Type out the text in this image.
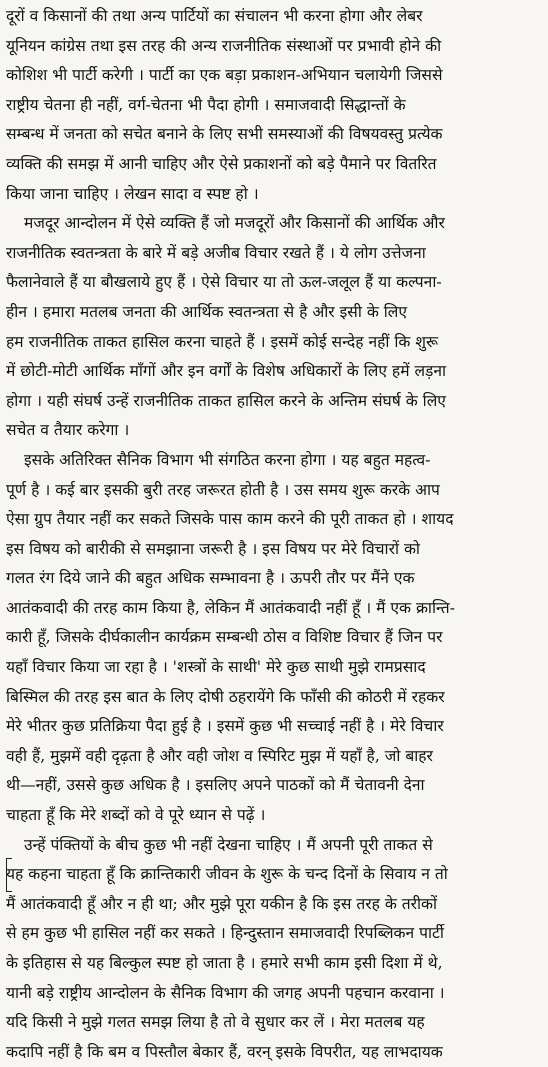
दूरों व किसानों की तथा अन्य पार्टियों का संचालन भी करना होगा और लेबर
यूनियन कांग्रेस तथा इस तरह की अन्य राजनीतिक संस्थाओं पर प्रभावी होने की
कोशिश भी पार्टी करेगी । पार्टी का एक बड़ा प्रकाशन-अभियान चलायेगी जिससे
राष्ट्रीय चेतना ही नहीं, वर्ग-चेतना भी पैदा होगी । समाजवादी सिद्धान्तों के
सम्बन्ध में जनता को सचेत बनाने के लिए सभी समस्याओं की विषयवस्तु प्रत्येक
व्यक्ति की समझ में आनी चाहिए और ऐसे प्रकाशनों को बड़े पैमाने पर वितरित
किया जाना चाहिए । लेखन सादा व स्पष्ट हो ।
मजदूर आन्दोलन में ऐसे व्यक्ति हैं जो मजदूरों और किसानों की आर्थिक और
राजनीतिक स्वतन्त्रता के बारे में बड़े अजीब विचार रखते हैं । ये लोग उत्तेजना
फैलानेवाले हैं या बौखलाये हुए हैं । ऐसे विचार या तो ऊल-जलूल हैं या कल्पना-
हीन । हमारा मतलब जनता की आर्थिक स्वतन्त्रता से है और इसी के लिए
हम राजनीतिक ताकत हासिल करना चाहते हैं । इसमें कोई सन्देह नहीं कि शुरू
में छोटी-मोटी आर्थिक माँगों और इन वर्गों के विशेष अधिकारों के लिए हमें लड़ना
होगा । यही संघर्ष उन्हें राजनीतिक ताकत हासिल करने के अन्तिम संघर्ष के लिए
सचेत व तैयार करेगा ।
इसके अतिरिक्त सैनिक विभाग भी संगठित करना होगा । यह बहुत महत्व-
पूर्ण है । कई बार इसकी बुरी तरह जरूरत होती है । उस समय शुरू करके आप
ऐसा ग्रुप तैयार नहीं कर सकते जिसके पास काम करने की पूरी ताकत हो । शायद
इस विषय को बारीकी से समझाना जरूरी है । इस विषय पर मेरे विचारों को
गलत रंग दिये जाने की बहुत अधिक सम्भावना है । ऊपरी तौर पर मैंने एक
आतंकवादी की तरह काम किया है, लेकिन मैं आतंकवादी नहीं हूँ । मैं एक क्रान्ति-
कारी हूँ, जिसके दीर्घकालीन कार्यक्रम सम्बन्धी ठोस व विशिष्ट विचार हैं जिन पर
यहाँ विचार किया जा रहा है । 'शस्त्रों के साथी' मेरे कुछ साथी मुझे रामप्रसाद
बिस्मिल की तरह इस बात के लिए दोषी ठहरायेंगे कि फाँसी की कोठरी में रहकर
मेरे भीतर कुछ प्रतिक्रिया पैदा हुई है । इसमें कुछ भी सच्चाई नहीं है । मेरे विचार
वही हैं, मुझमें वही दृढ़ता है और वही जोश व स्पिरिट मुझ में यहाँ है, जो बाहर
थी—नहीं, उससे कुछ अधिक है । इसलिए अपने पाठकों को मैं चेतावनी देना
चाहता हूँ कि मेरे शब्दों को वे पूरे ध्यान से पढ़ें ।
उन्हें पंक्तियों के बीच कुछ भी नहीं देखना चाहिए । मैं अपनी पूरी ताकत से
यह कहना चाहता हूँ कि क्रान्तिकारी जीवन के शुरू के चन्द दिनों के सिवाय न तो
मैं आतंकवादी हूँ और न ही था; और मुझे पूरा यकीन है कि इस तरह के तरीकों
से हम कुछ भी हासिल नहीं कर सकते । हिन्दुस्तान समाजवादी रिपब्लिकन पार्टी
के इतिहास से यह बिल्कुल स्पष्ट हो जाता है । हमारे सभी काम इसी दिशा में थे,
यानी बड़े राष्ट्रीय आन्दोलन के सैनिक विभाग की जगह अपनी पहचान करवाना ।
यदि किसी ने मुझे गलत समझ लिया है तो वे सुधार कर लें । मेरा मतलब यह
कदापि नहीं है कि बम व पिस्तौल बेकार हैं, वरन् इसके विपरीत, यह लाभदायक
